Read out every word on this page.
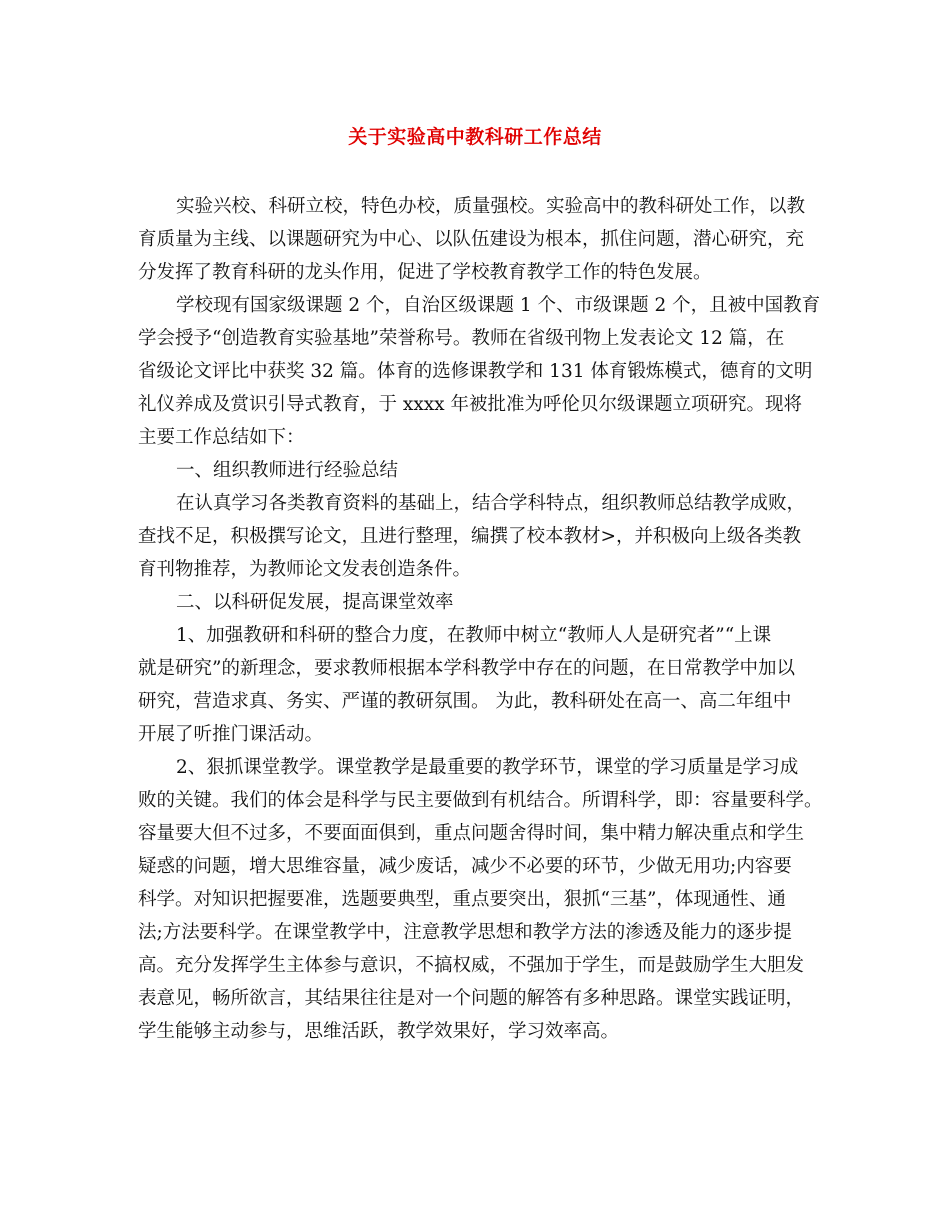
关于实验高中教科研工作总结
实验兴校、科研立校，特色办校，质量强校。实验高中的教科研处工作，以教
育质量为主线、以课题研究为中心、以队伍建设为根本，抓住问题，潜心研究，充
分发挥了教育科研的龙头作用，促进了学校教育教学工作的特色发展。
学校现有国家级课题 2 个，自治区级课题 1 个、市级课题 2 个，且被中国教育
学会授予“创造教育实验基地”荣誉称号。教师在省级刊物上发表论文 12 篇，在
省级论文评比中获奖 32 篇。体育的选修课教学和 131 体育锻炼模式，德育的文明
礼仪养成及赏识引导式教育，于 xxxx 年被批准为呼伦贝尔级课题立项研究。现将
主要工作总结如下：
一、组织教师进行经验总结
在认真学习各类教育资料的基础上，结合学科特点，组织教师总结教学成败，
查找不足，积极撰写论文，且进行整理，编撰了校本教材>，并积极向上级各类教
育刊物推荐，为教师论文发表创造条件。
二、以科研促发展，提高课堂效率
1、加强教研和科研的整合力度，在教师中树立“教师人人是研究者”“上课
就是研究”的新理念，要求教师根据本学科教学中存在的问题，在日常教学中加以
研究，营造求真、务实、严谨的教研氛围。 为此，教科研处在高一、高二年组中
开展了听推门课活动。
2、狠抓课堂教学。课堂教学是最重要的教学环节，课堂的学习质量是学习成
败的关键。我们的体会是科学与民主要做到有机结合。所谓科学，即：容量要科学。
容量要大但不过多，不要面面俱到，重点问题舍得时间，集中精力解决重点和学生
疑惑的问题，增大思维容量，减少废话，减少不必要的环节，少做无用功;内容要
科学。对知识把握要准，选题要典型，重点要突出，狠抓“三基”，体现通性、通
法;方法要科学。在课堂教学中，注意教学思想和教学方法的渗透及能力的逐步提
高。充分发挥学生主体参与意识，不搞权威，不强加于学生，而是鼓励学生大胆发
表意见，畅所欲言，其结果往往是对一个问题的解答有多种思路。课堂实践证明，
学生能够主动参与，思维活跃，教学效果好，学习效率高。
